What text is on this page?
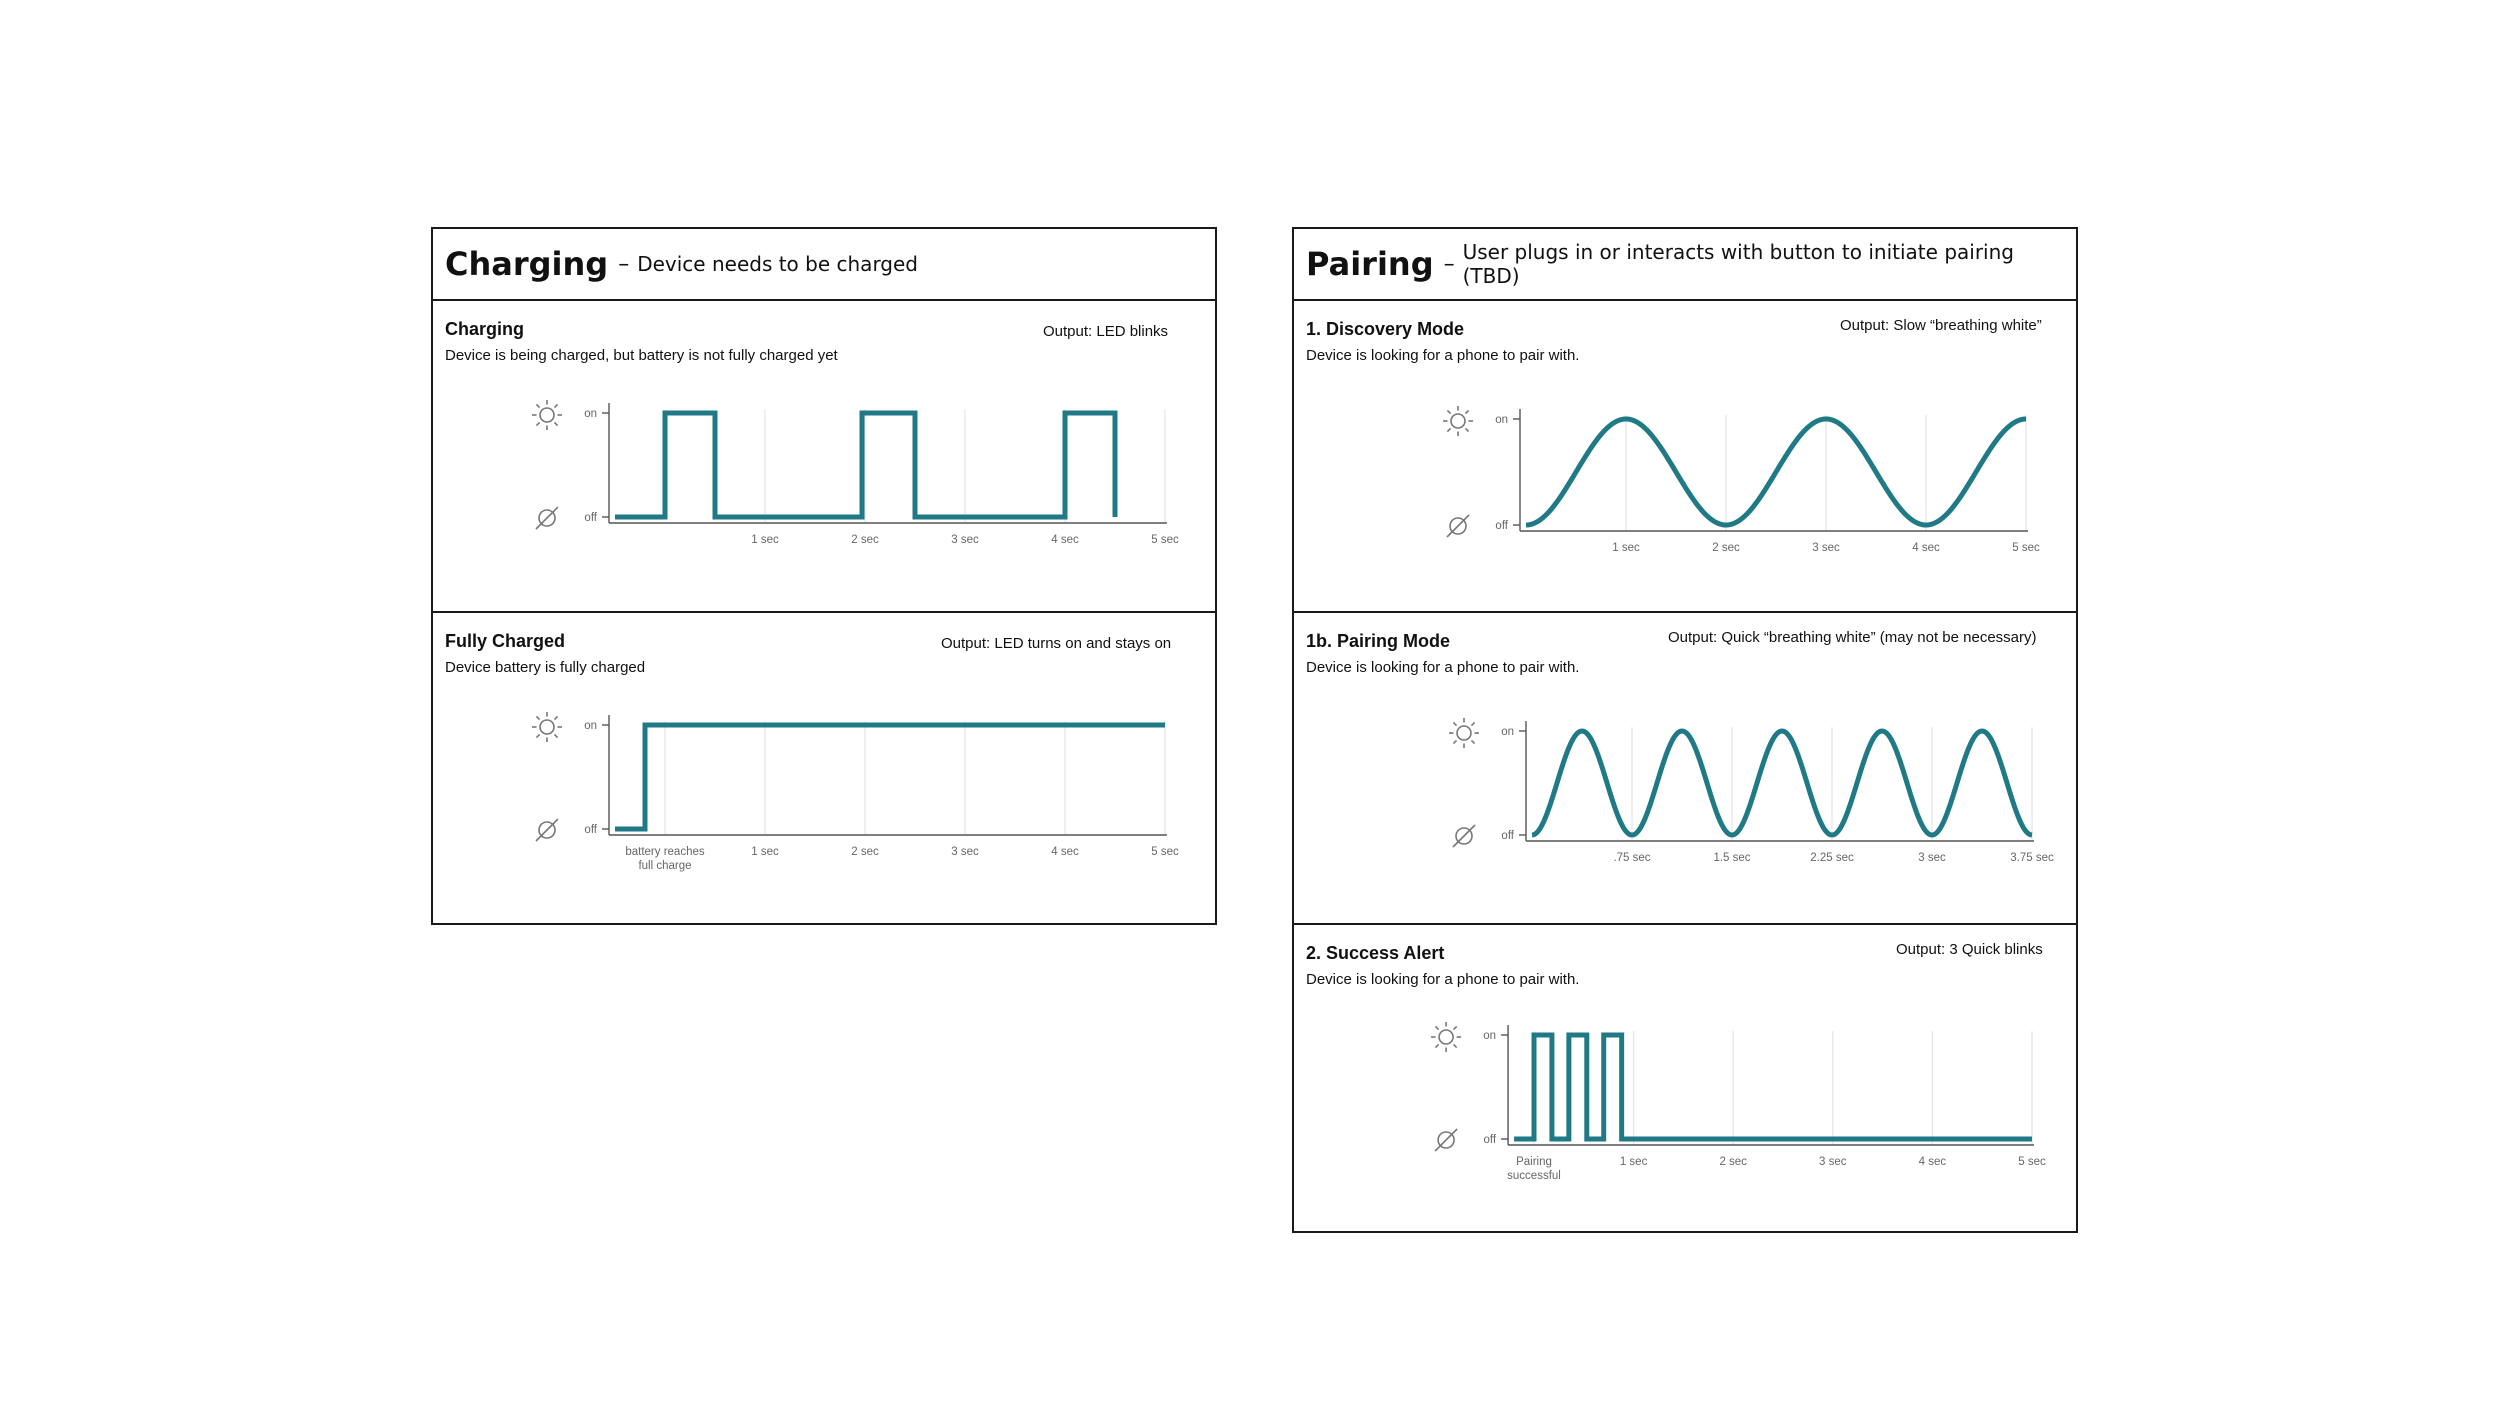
Charging – Device needs to be charged
Charging
Device is being charged, but battery is not fully charged yet
Output: LED blinks
on
off
1 sec	2 sec	3 sec	4 sec	5 sec
Fully Charged
Device battery is fully charged
Output: LED turns on and stays on
on
off
battery reaches
full charge
1 sec	2 sec	3 sec	4 sec	5 sec
Pairing – User plugs in or interacts with button to initiate pairing (TBD)
1. Discovery Mode
Device is looking for a phone to pair with.
Output: Slow “breathing white”
on
off
1 sec	2 sec	3 sec	4 sec	5 sec
1b. Pairing Mode
Device is looking for a phone to pair with.
Output: Quick “breathing white” (may not be necessary)
on
off
.75 sec	1.5 sec	2.25 sec	3 sec	3.75 sec
2. Success Alert
Device is looking for a phone to pair with.
Output: 3 Quick blinks
on
off
Pairing
successful
1 sec	2 sec	3 sec	4 sec	5 sec
